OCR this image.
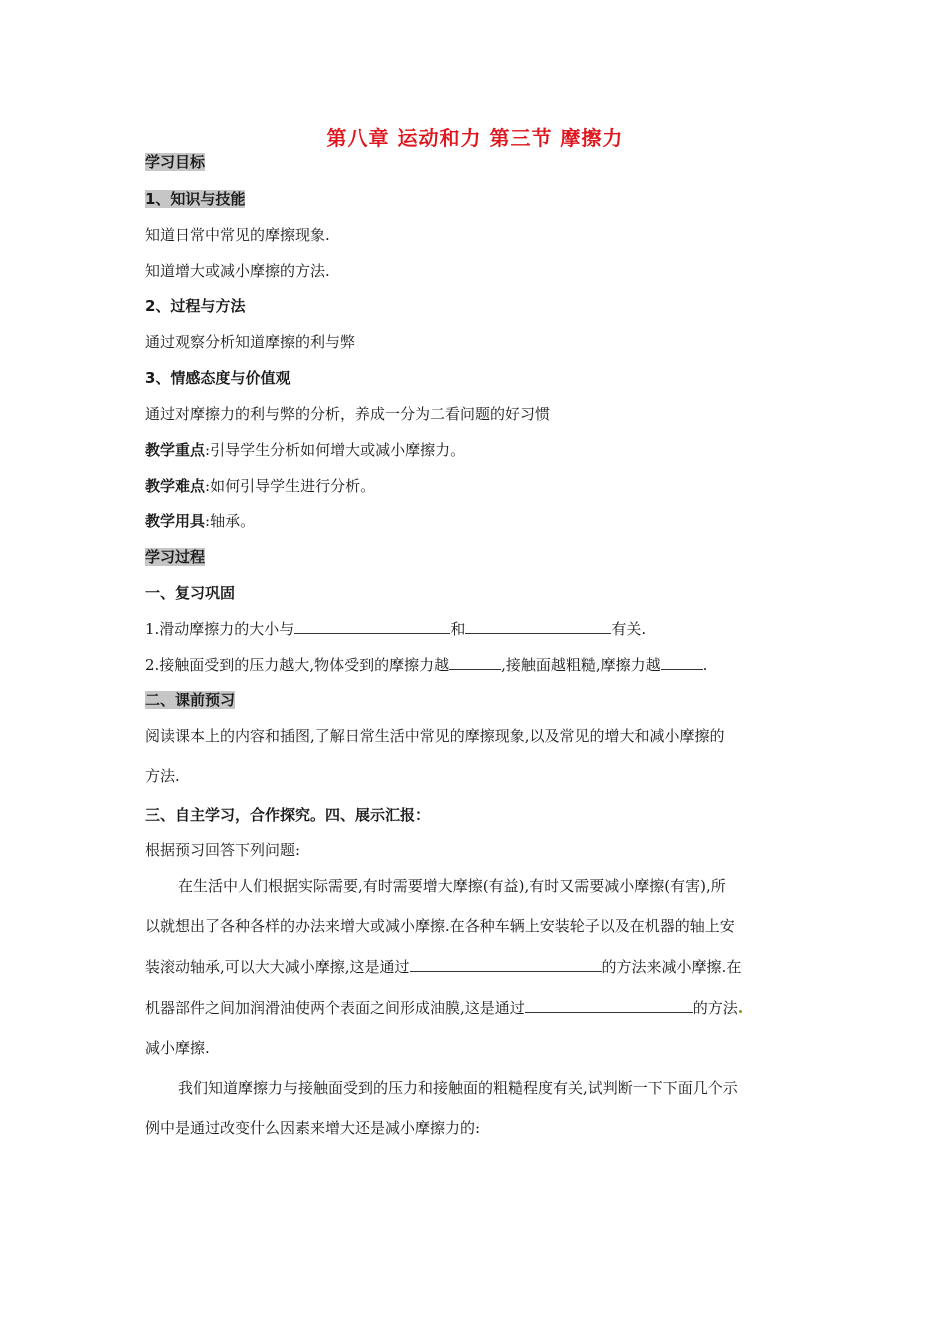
第八章 运动和力 第三节 摩擦力
学习目标
1、知识与技能
知道日常中常见的摩擦现象.
知道增大或减小摩擦的方法.
2、过程与方法
通过观察分析知道摩擦的利与弊
3、情感态度与价值观
通过对摩擦力的利与弊的分析，养成一分为二看问题的好习惯
教学重点:引导学生分析如何增大或减小摩擦力。
教学难点:如何引导学生进行分析。
教学用具:轴承。
学习过程
一、复习巩固
1.滑动摩擦力的大小与	和	有关.
2.接触面受到的压力越大,物体受到的摩擦力越	,接触面越粗糙,摩擦力越	.
二、课前预习
阅读课本上的内容和插图,了解日常生活中常见的摩擦现象,以及常见的增大和减小摩擦的
方法.
三、自主学习，合作探究。四、展示汇报：
根据预习回答下列问题:
在生活中人们根据实际需要,有时需要增大摩擦(有益),有时又需要减小摩擦(有害),所
以就想出了各种各样的办法来增大或减小摩擦.在各种车辆上安装轮子以及在机器的轴上安
装滚动轴承,可以大大减小摩擦,这是通过	的方法来减小摩擦.在
机器部件之间加润滑油使两个表面之间形成油膜,这是通过	的方法
减小摩擦.
我们知道摩擦力与接触面受到的压力和接触面的粗糙程度有关,试判断一下下面几个示
例中是通过改变什么因素来增大还是减小摩擦力的:
